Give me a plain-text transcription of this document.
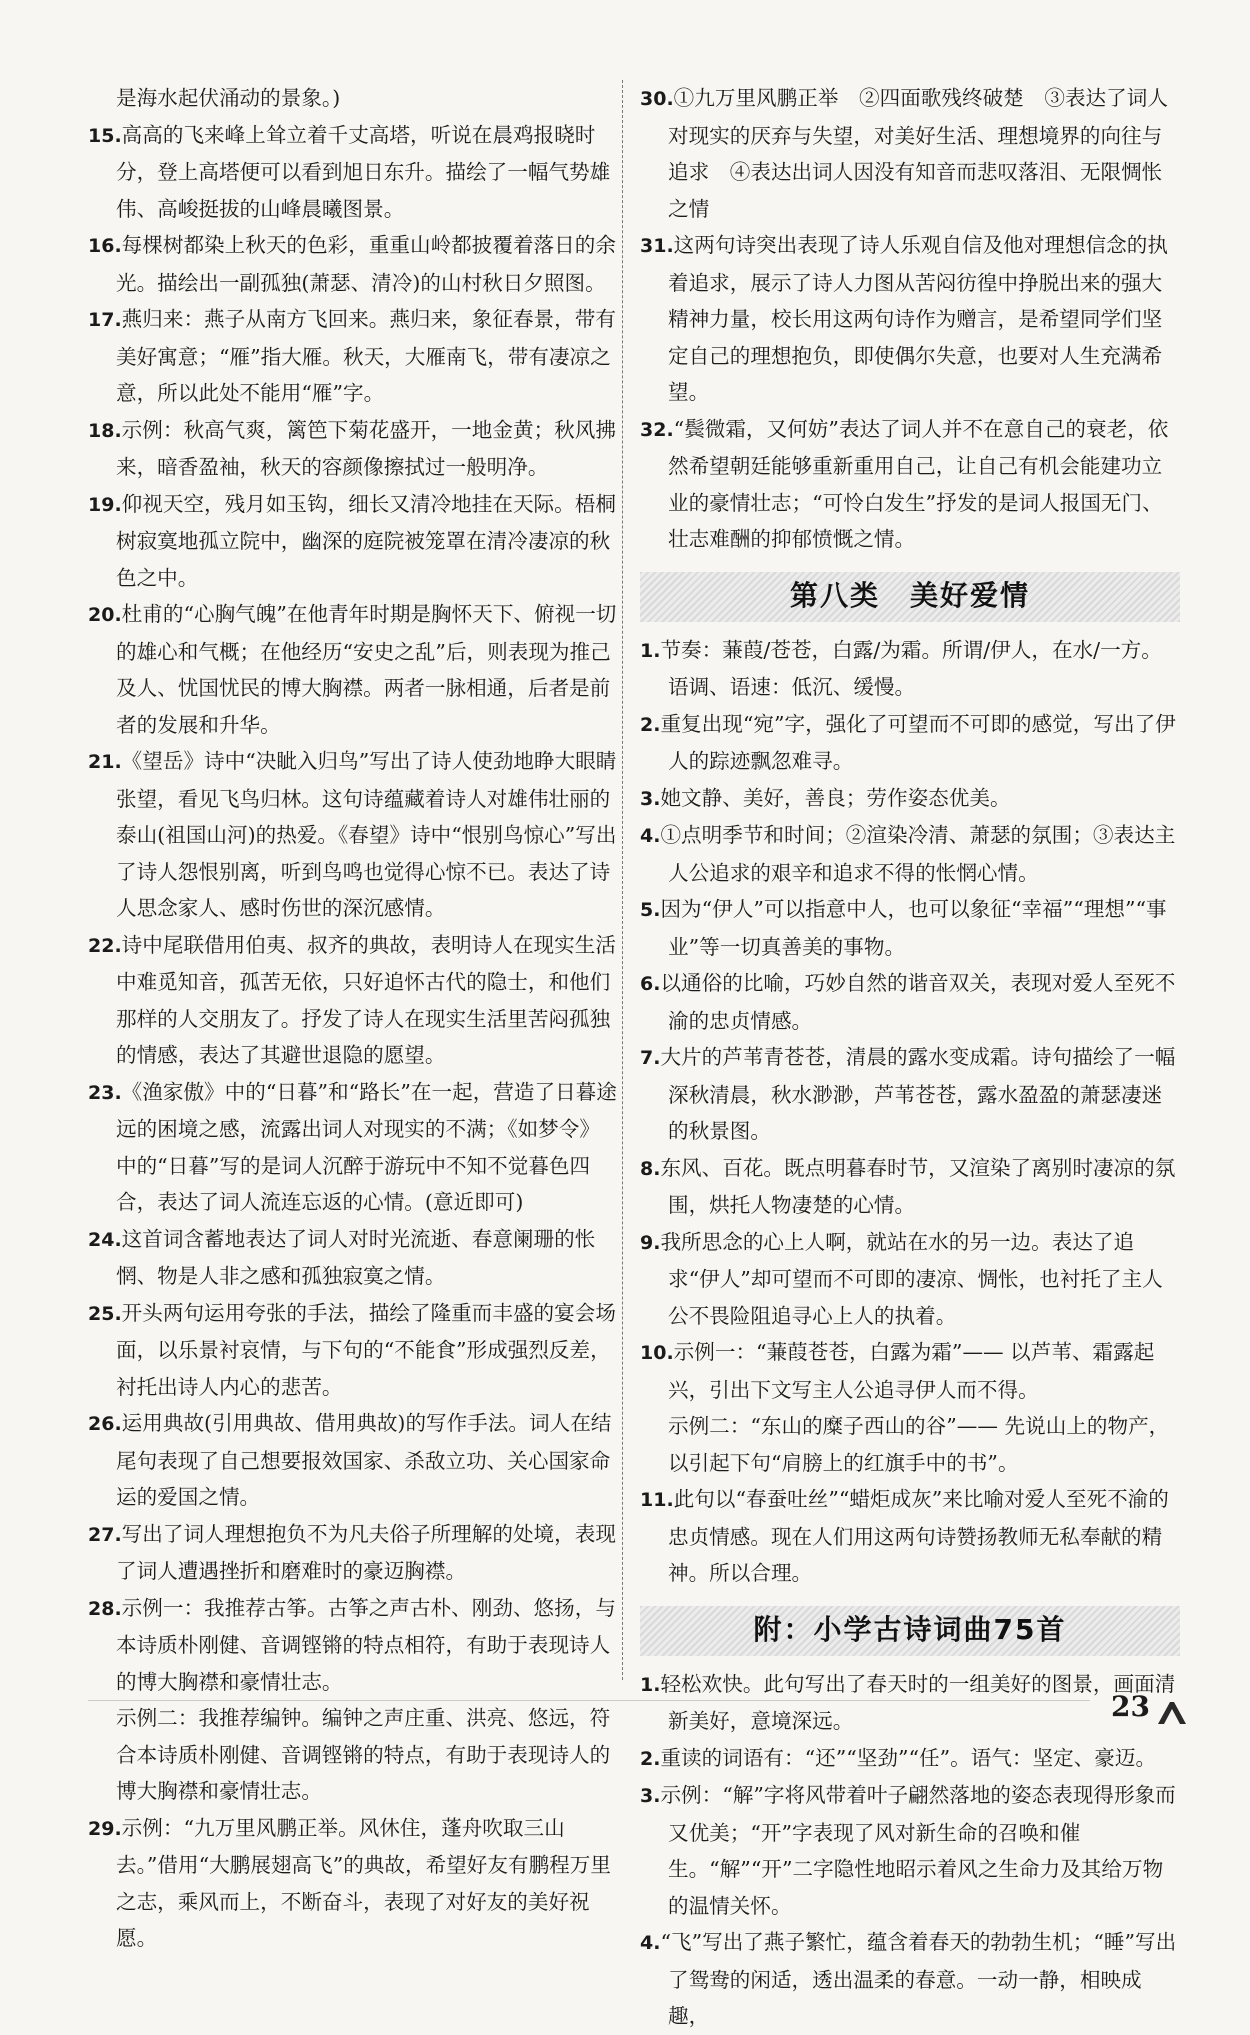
是海水起伏涌动的景象。)
15.高高的飞来峰上耸立着千丈高塔，听说在晨鸡报晓时分，登上高塔便可以看到旭日东升。描绘了一幅气势雄伟、高峻挺拔的山峰晨曦图景。
16.每棵树都染上秋天的色彩，重重山岭都披覆着落日的余光。描绘出一副孤独(萧瑟、清冷)的山村秋日夕照图。
17.燕归来：燕子从南方飞回来。燕归来，象征春景，带有美好寓意；“雁”指大雁。秋天，大雁南飞，带有凄凉之意，所以此处不能用“雁”字。
18.示例：秋高气爽，篱笆下菊花盛开，一地金黄；秋风拂来，暗香盈袖，秋天的容颜像擦拭过一般明净。
19.仰视天空，残月如玉钩，细长又清冷地挂在天际。梧桐树寂寞地孤立院中，幽深的庭院被笼罩在清冷凄凉的秋色之中。
20.杜甫的“心胸气魄”在他青年时期是胸怀天下、俯视一切的雄心和气概；在他经历“安史之乱”后，则表现为推己及人、忧国忧民的博大胸襟。两者一脉相通，后者是前者的发展和升华。
21.《望岳》诗中“决眦入归鸟”写出了诗人使劲地睁大眼睛张望，看见飞鸟归林。这句诗蕴藏着诗人对雄伟壮丽的泰山(祖国山河)的热爱。《春望》诗中“恨别鸟惊心”写出了诗人怨恨别离，听到鸟鸣也觉得心惊不已。表达了诗人思念家人、感时伤世的深沉感情。
22.诗中尾联借用伯夷、叔齐的典故，表明诗人在现实生活中难觅知音，孤苦无依，只好追怀古代的隐士，和他们那样的人交朋友了。抒发了诗人在现实生活里苦闷孤独的情感，表达了其避世退隐的愿望。
23.《渔家傲》中的“日暮”和“路长”在一起，营造了日暮途远的困境之感，流露出词人对现实的不满；《如梦令》中的“日暮”写的是词人沉醉于游玩中不知不觉暮色四合，表达了词人流连忘返的心情。(意近即可)
24.这首词含蓄地表达了词人对时光流逝、春意阑珊的怅惘、物是人非之感和孤独寂寞之情。
25.开头两句运用夸张的手法，描绘了隆重而丰盛的宴会场面，以乐景衬哀情，与下句的“不能食”形成强烈反差，衬托出诗人内心的悲苦。
26.运用典故(引用典故、借用典故)的写作手法。词人在结尾句表现了自己想要报效国家、杀敌立功、关心国家命运的爱国之情。
27.写出了词人理想抱负不为凡夫俗子所理解的处境，表现了词人遭遇挫折和磨难时的豪迈胸襟。
28.示例一：我推荐古筝。古筝之声古朴、刚劲、悠扬，与本诗质朴刚健、音调铿锵的特点相符，有助于表现诗人的博大胸襟和豪情壮志。
示例二：我推荐编钟。编钟之声庄重、洪亮、悠远，符合本诗质朴刚健、音调铿锵的特点，有助于表现诗人的博大胸襟和豪情壮志。
29.示例：“九万里风鹏正举。风休住，蓬舟吹取三山去。”借用“大鹏展翅高飞”的典故，希望好友有鹏程万里之志，乘风而上，不断奋斗，表现了对好友的美好祝愿。
30.①九万里风鹏正举　②四面歌残终破楚　③表达了词人对现实的厌弃与失望，对美好生活、理想境界的向往与追求　④表达出词人因没有知音而悲叹落泪、无限惆怅之情
31.这两句诗突出表现了诗人乐观自信及他对理想信念的执着追求，展示了诗人力图从苦闷彷徨中挣脱出来的强大精神力量，校长用这两句诗作为赠言，是希望同学们坚定自己的理想抱负，即使偶尔失意，也要对人生充满希望。
32.“鬓微霜，又何妨”表达了词人并不在意自己的衰老，依然希望朝廷能够重新重用自己，让自己有机会能建功立业的豪情壮志；“可怜白发生”抒发的是词人报国无门、壮志难酬的抑郁愤慨之情。
第八类　美好爱情
1.节奏：蒹葭/苍苍，白露/为霜。所谓/伊人，在水/一方。语调、语速：低沉、缓慢。
2.重复出现“宛”字，强化了可望而不可即的感觉，写出了伊人的踪迹飘忽难寻。
3.她文静、美好，善良；劳作姿态优美。
4.①点明季节和时间；②渲染冷清、萧瑟的氛围；③表达主人公追求的艰辛和追求不得的怅惘心情。
5.因为“伊人”可以指意中人，也可以象征“幸福”“理想”“事业”等一切真善美的事物。
6.以通俗的比喻，巧妙自然的谐音双关，表现对爱人至死不渝的忠贞情感。
7.大片的芦苇青苍苍，清晨的露水变成霜。诗句描绘了一幅深秋清晨，秋水渺渺，芦苇苍苍，露水盈盈的萧瑟凄迷的秋景图。
8.东风、百花。既点明暮春时节，又渲染了离别时凄凉的氛围，烘托人物凄楚的心情。
9.我所思念的心上人啊，就站在水的另一边。表达了追求“伊人”却可望而不可即的凄凉、惆怅，也衬托了主人公不畏险阻追寻心上人的执着。
10.示例一：“蒹葭苍苍，白露为霜”—— 以芦苇、霜露起兴，引出下文写主人公追寻伊人而不得。
示例二：“东山的糜子西山的谷”—— 先说山上的物产，以引起下句“肩膀上的红旗手中的书”。
11.此句以“春蚕吐丝”“蜡炬成灰”来比喻对爱人至死不渝的忠贞情感。现在人们用这两句诗赞扬教师无私奉献的精神。所以合理。
附：小学古诗词曲75首
1.轻松欢快。此句写出了春天时的一组美好的图景，画面清新美好，意境深远。
2.重读的词语有：“还”“坚劲”“任”。语气：坚定、豪迈。
3.示例：“解”字将风带着叶子翩然落地的姿态表现得形象而又优美；“开”字表现了风对新生命的召唤和催生。“解”“开”二字隐性地昭示着风之生命力及其给万物的温情关怀。
4.“飞”写出了燕子繁忙，蕴含着春天的勃勃生机；“睡”写出了鸳鸯的闲适，透出温柔的春意。一动一静，相映成趣，
23
